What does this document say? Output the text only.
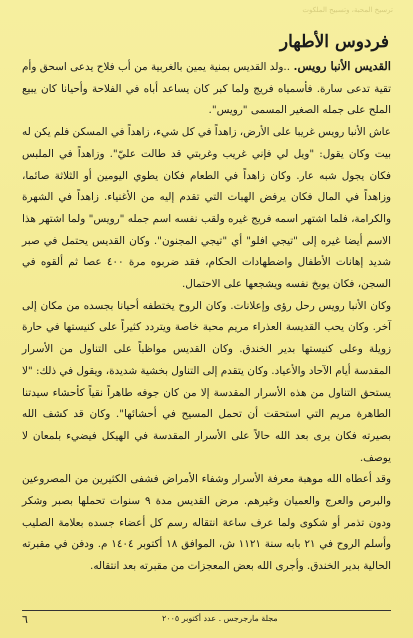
ترسيخ المحبة، وتسبيح الملكوت
فردوس الأطهار

القديس الأنبا رويس. ..ولد القديس بمنية يمين بالغربية من أب فلاح يدعى اسحق وأم تقية تدعى سارة. فأسمياه فريج ولما كبر كان يساعد أباه في الفلاحة وأحيانا كان يبيع الملح على جمله الصغير المسمى "رويس".

عاش الأنبا رويس غريبا على الأرض، زاهداً في كل شيء، زاهداً في المسكن فلم يكن له بيت وكان يقول: "ويل لي فإني غريب وغربتي قد طالت عليّ". وزاهداً في الملبس فكان يجول شبه عار. وكان زاهداً في الطعام فكان يطوي اليومين أو الثلاثة صائما، وزاهداً في المال فكان يرفض الهبات التي تقدم إليه من الأغنياء. زاهداً في الشهرة والكرامة، فلما اشتهر اسمه فريج غيره ولقب نفسه اسم جمله "رويس" ولما اشتهر هذا الاسم أيضا غيره إلى "تيجي افلو" أي "تيجي المجنون". وكان القديس يحتمل في صبر شديد إهانات الأطفال واضطهادات الحكام، فقد ضربوه مرة ٤٠٠ عصا ثم ألقوه في السجن، فكان يوبخ نفسه ويشجعها على الاحتمال.

وكان الأنبا رويس رحل رؤى وإعلانات. وكان الروح يختطفه أحيانا بجسده من مكان إلى آخر. وكان يحب القديسة العذراء مريم محبة خاصة ويتردد كثيراً على كنيستها في حارة زويلة وعلى كنيستها بدير الخندق. وكان القديس مواظباً على التناول من الأسرار المقدسة أيام الآحاد والأعياد. وكان يتقدم إلى التناول بخشية شديدة، ويقول في ذلك: "لا يستحق التناول من هذه الأسرار المقدسة إلا من كان جوفه طاهراً نقياً كأحشاء سيدتنا الطاهرة مريم التي استحقت أن تحمل المسيح في أحشائها". وكان قد كشف الله بصيرته فكان يرى بعد الله حالاً على الأسرار المقدسة في الهيكل فيضيء بلمعان لا يوصف.

وقد أعطاه الله موهبة معرفة الأسرار وشفاء الأمراض فشفى الكثيرين من المصروعين والبرص والعرج والعميان وغيرهم. مرض القديس مدة ٩ سنوات تحملها بصبر وشكر ودون تذمر أو شكوى ولما عرف ساعة انتقاله رسم كل أعضاء جسده بعلامة الصليب وأسلم الروح في ٢١ بابه سنة ١١٢١ ش، الموافق ١٨ أكتوبر ١٤٠٤ م. ودفن في مقبرته الحالية بدير الخندق. وأجرى الله بعض المعجزات من مقبرته بعد انتقاله.

٦	مجلة مارجرجس . عدد أكتوبر ٢٠٠٥
